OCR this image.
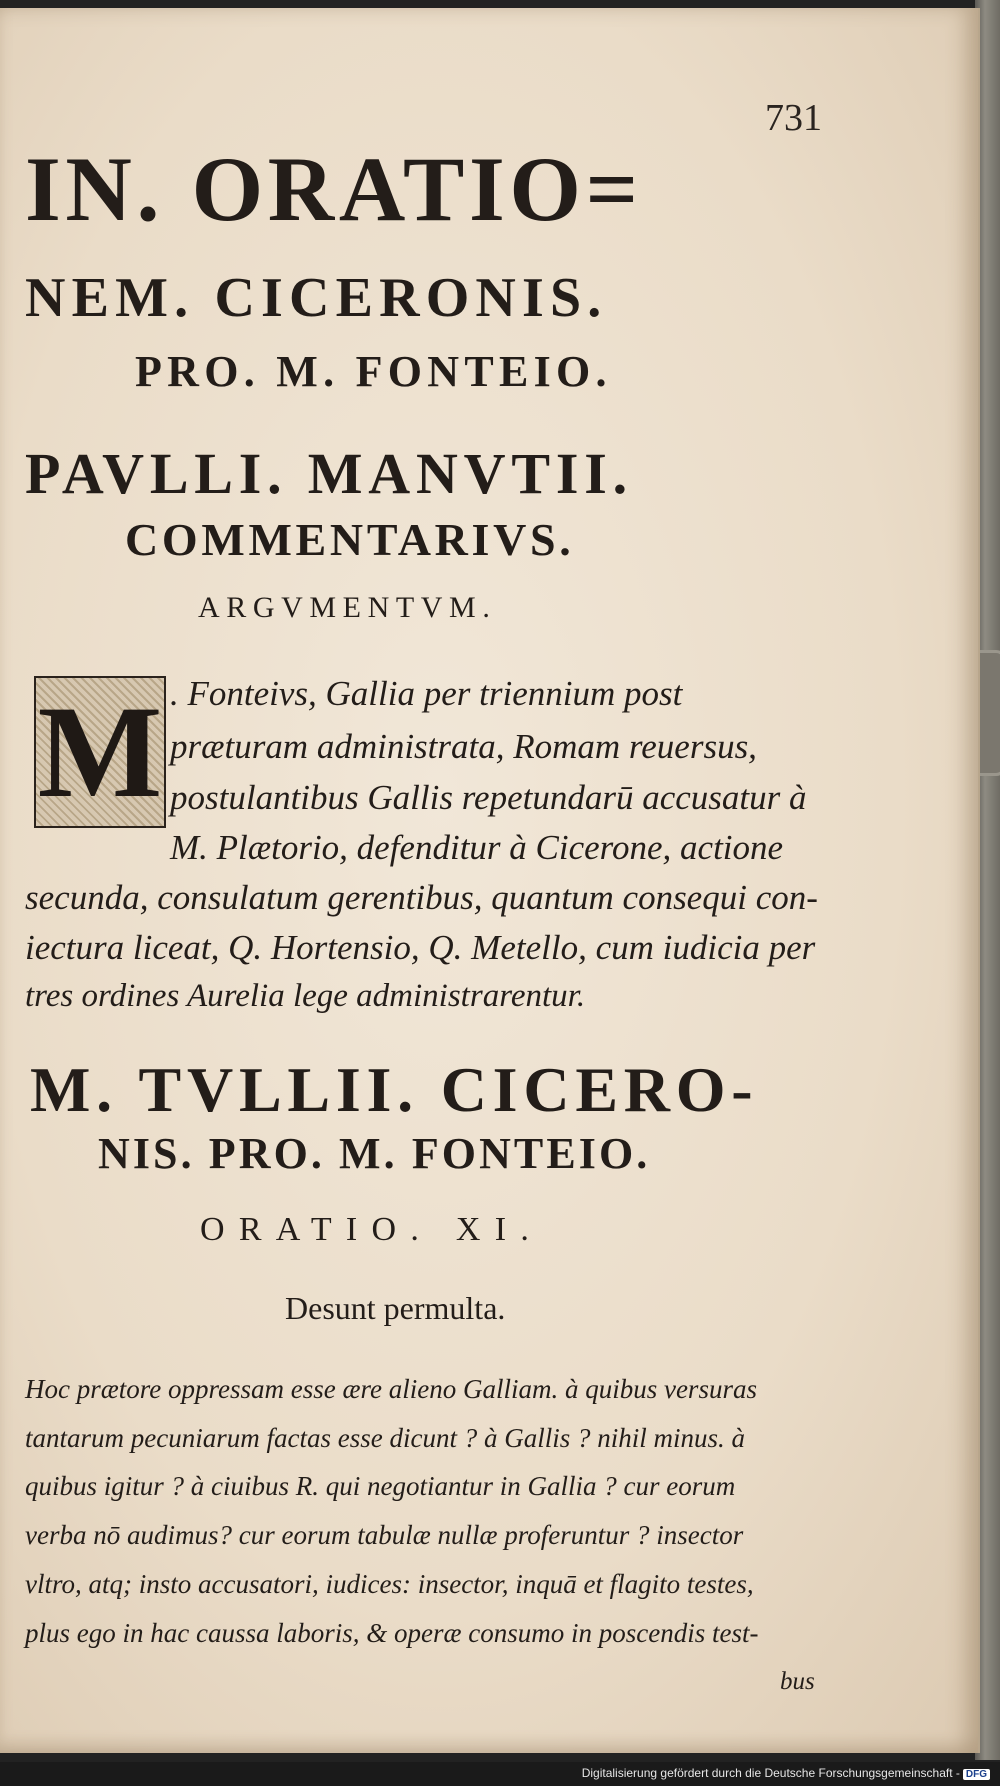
731
IN. ORATIO=
NEM. CICERONIS.
PRO. M. FONTEIO.
PAVLLI. MANVTII.
COMMENTARIVS.
ARGVMENTVM.
M . Fonteivs, Gallia per triennium post
præturam administrata, Romam reuersus,
postulantibus Gallis repetundarū accusatur à
M. Plætorio, defenditur à Cicerone, actione
secunda, consulatum gerentibus, quantum consequi con-
iectura liceat, Q. Hortensio, Q. Metello, cum iudicia per
tres ordines Aurelia lege administrarentur.
M. TVLLII. CICERO-
NIS. PRO. M. FONTEIO.
ORATIO. XI.
Desunt permulta.
Hoc prætore oppressam esse ære alieno Galliam. à quibus versuras
tantarum pecuniarum factas esse dicunt ? à Gallis ? nihil minus. à
quibus igitur ? à ciuibus R. qui negotiantur in Gallia ? cur eorum
verba nō audimus? cur eorum tabulæ nullæ proferuntur ? insector
vltro, atq; insto accusatori, iudices: insector, inquā et flagito testes,
plus ego in hac caussa laboris, & operæ consumo in poscendis test-
bus
Digitalisierung gefördert durch die Deutsche Forschungsgemeinschaft - DFG
